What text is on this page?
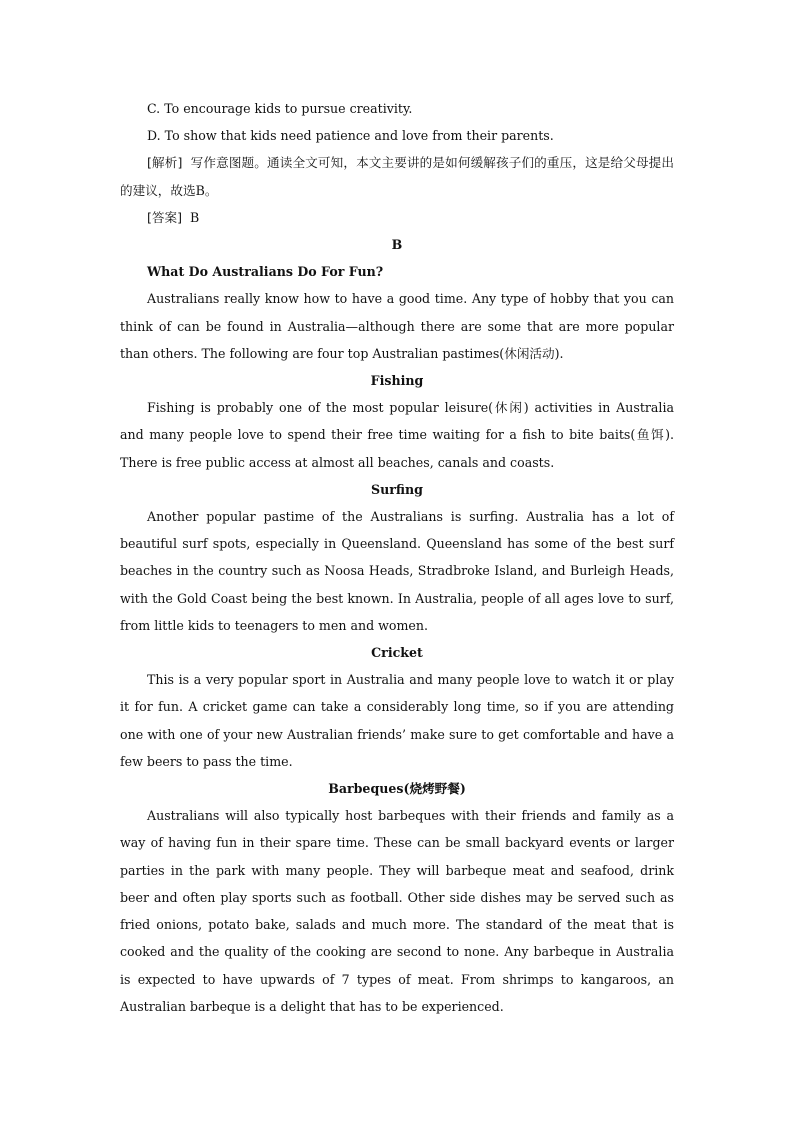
C. To encourage kids to pursue creativity.

D. To show that kids need patience and love from their parents.

[解析] 写作意图题。通读全文可知，本文主要讲的是如何缓解孩子们的重压，这是给父母提出的建议，故选B。

[答案] B

B

What Do Australians Do For Fun?

Australians really know how to have a good time. Any type of hobby that you can think of can be found in Australia—although there are some that are more popular than others. The following are four top Australian pastimes(休闲活动).

Fishing

Fishing is probably one of the most popular leisure(休闲) activities in Australia and many people love to spend their free time waiting for a fish to bite baits(鱼饵). There is free public access at almost all beaches, canals and coasts.

Surfing

Another popular pastime of the Australians is surfing. Australia has a lot of beautiful surf spots, especially in Queensland. Queensland has some of the best surf beaches in the country such as Noosa Heads, Stradbroke Island, and Burleigh Heads, with the Gold Coast being the best known. In Australia, people of all ages love to surf, from little kids to teenagers to men and women.

Cricket

This is a very popular sport in Australia and many people love to watch it or play it for fun. A cricket game can take a considerably long time, so if you are attending one with one of your new Australian friends’ make sure to get comfortable and have a few beers to pass the time.

Barbeques(烧烤野餐)

Australians will also typically host barbeques with their friends and family as a way of having fun in their spare time. These can be small backyard events or larger parties in the park with many people. They will barbeque meat and seafood, drink beer and often play sports such as football. Other side dishes may be served such as fried onions, potato bake, salads and much more. The standard of the meat that is cooked and the quality of the cooking are second to none. Any barbeque in Australia is expected to have upwards of 7 types of meat. From shrimps to kangaroos, an Australian barbeque is a delight that has to be experienced.
